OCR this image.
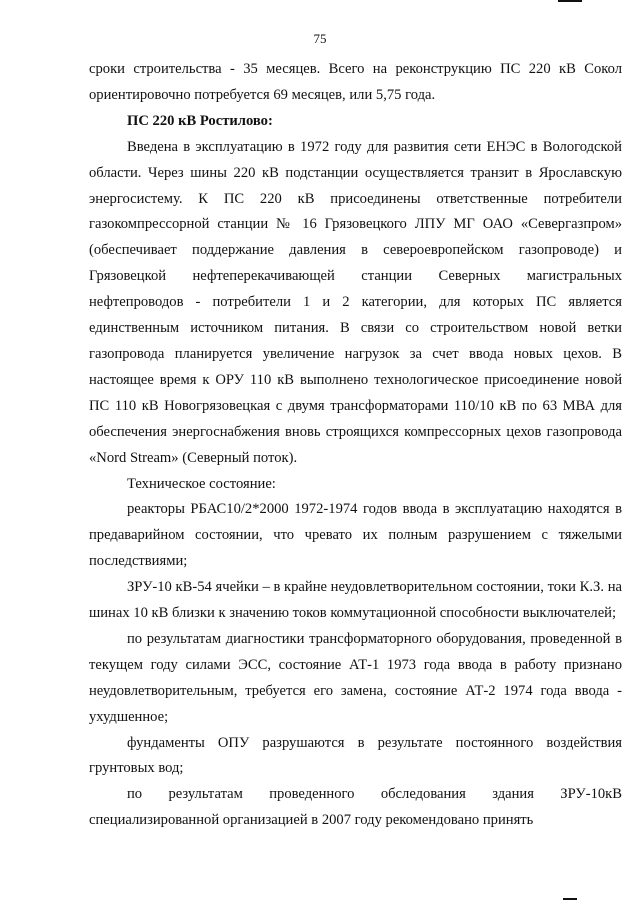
75

сроки строительства - 35 месяцев. Всего на реконструкцию ПС 220 кВ Сокол ориентировочно потребуется 69 месяцев, или 5,75 года.

ПС 220 кВ Ростилово:

Введена в эксплуатацию в 1972 году для развития сети ЕНЭС в Вологодской области. Через шины 220 кВ подстанции осуществляется транзит в Ярославскую энергосистему. К ПС 220 кВ присоединены ответственные потребители газокомпрессорной станции № 16 Грязовецкого ЛПУ МГ ОАО «Севергазпром» (обеспечивает поддержание давления в североевропейском газопроводе) и Грязовецкой нефтеперекачивающей станции Северных магистральных нефтепроводов - потребители 1 и 2 категории, для которых ПС является единственным источником питания. В связи со строительством новой ветки газопровода планируется увеличение нагрузок за счет ввода новых цехов. В настоящее время к ОРУ 110 кВ выполнено технологическое присоединение новой ПС 110 кВ Новогрязовецкая с двумя трансформаторами 110/10 кВ по 63 МВА для обеспечения энергоснабжения вновь строящихся компрессорных цехов газопровода «Nord Stream» (Северный поток).

Техническое состояние:

реакторы РБАС10/2*2000 1972-1974 годов ввода в эксплуатацию находятся в предаварийном состоянии, что чревато их полным разрушением с тяжелыми последствиями;

ЗРУ-10 кВ-54 ячейки – в крайне неудовлетворительном состоянии, токи К.З. на шинах 10 кВ близки к значению токов коммутационной способности выключателей;

по результатам диагностики трансформаторного оборудования, проведенной в текущем году силами ЭСС, состояние АТ-1 1973 года ввода в работу признано неудовлетворительным, требуется его замена, состояние АТ-2 1974 года ввода - ухудшенное;

фундаменты ОПУ разрушаются в результате постоянного воздействия грунтовых вод;

по результатам проведенного обследования здания ЗРУ-10кВ специализированной организацией в 2007 году рекомендовано принять
